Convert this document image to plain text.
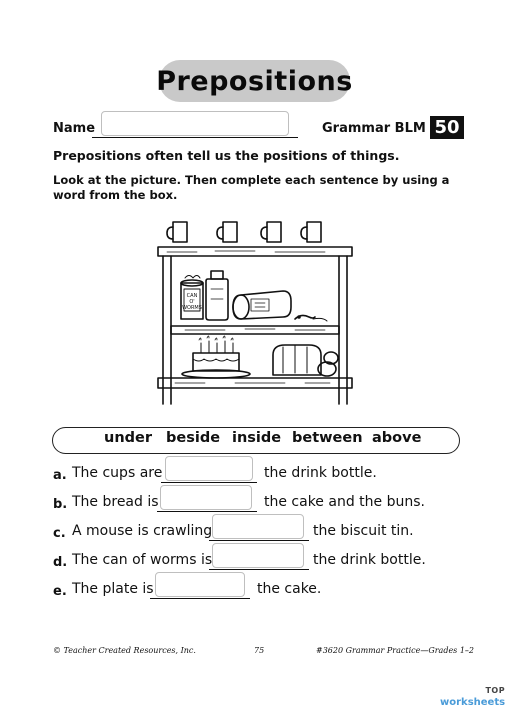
Prepositions
Name	Grammar BLM 50
Prepositions often tell us the positions of things.
Look at the picture. Then complete each sentence by using a word from the box.
CAN
O'
WORMS
under beside inside between above
a. The cups are	the drink bottle.
b. The bread is	the cake and the buns.
c. A mouse is crawling	the biscuit tin.
d. The can of worms is	the drink bottle.
e. The plate is	the cake.
© Teacher Created Resources, Inc.	75	#3620 Grammar Practice—Grades 1–2
TOP
worksheets
